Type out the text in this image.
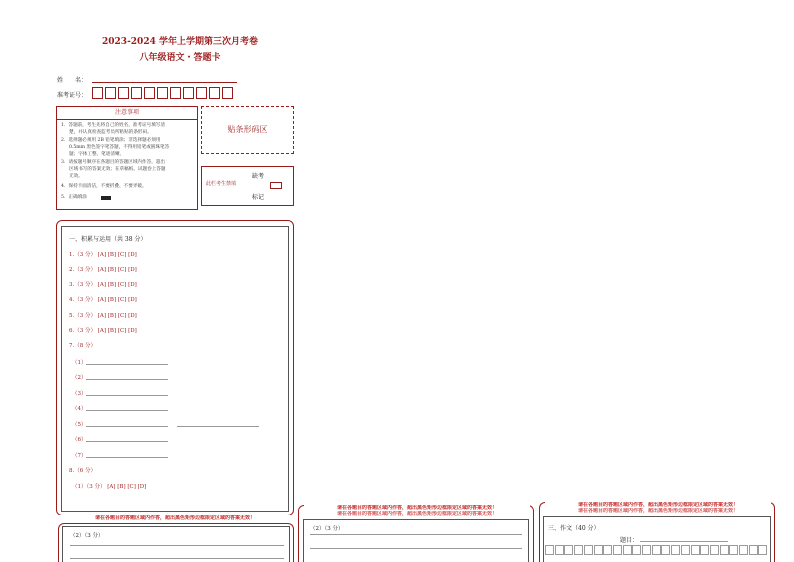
2023-2024 学年上学期第三次月考卷
八年级语文・答题卡
姓　　名：
准考证号：
注意事项
1．答题前，考生先将自己的姓名，准考证号填写清
楚，并认真检查监考员所粘贴的条形码。
2．选择题必须用 2B 铅笔填涂；非选择题必须用
0.5mm 黑色签字笔答题，不得用铅笔或圆珠笔答
题；字体工整、笔迹清晰。
3．请按题号顺序在各题目的答题区域内作答，超出
区域书写的答案无效；在草稿纸、试题卷上答题
无效。
4．保持卡面清洁，不要折叠、不要弄破。
5．正确填涂
贴条形码区
缺考
此栏考生禁填
标记
一、积累与运用（共 38 分）
1.（3 分） [A] [B] [C] [D]
2.（3 分） [A] [B] [C] [D]
3.（3 分） [A] [B] [C] [D]
4.（3 分） [A] [B] [C] [D]
5.（3 分） [A] [B] [C] [D]
6.（3 分） [A] [B] [C] [D]
7.（8 分）
（1）
（2）
（3）
（4）
（5）
（6）
（7）
8.（6 分）
（1）（3 分） [A] [B] [C] [D]
请在各题目的答题区域内作答，超出黑色矩形边框限定区域的答案无效！
（2）（3 分）
请在各题目的答题区域内作答，超出黑色矩形边框限定区域的答案无效！
请在各题目的答题区域内作答，超出黑色矩形边框限定区域的答案无效！
（2）（3 分）
请在各题目的答题区域内作答，超出黑色矩形边框限定区域的答案无效！
请在各题目的答题区域内作答，超出黑色矩形边框限定区域的答案无效！
三、作文（40 分）
题目：
